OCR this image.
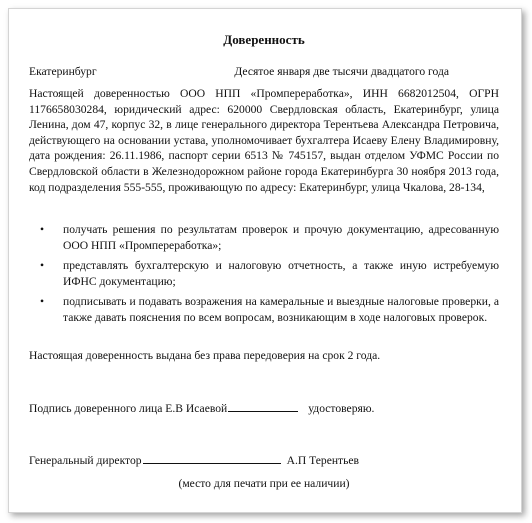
Доверенность
Екатеринбург	Десятое января две тысячи двадцатого года
Настоящей доверенностью ООО НПП «Промпереработка», ИНН 6682012504, ОГРН 1176658030284, юридический адрес: 620000 Свердловская область, Екатеринбург, улица Ленина, дом 47, корпус 32, в лице генерального директора Терентьева Александра Петровича, действующего на основании устава, уполномочивает бухгалтера Исаеву Елену Владимировну, дата рождения: 26.11.1986, паспорт серии 6513 № 745157, выдан отделом УФМС России по Свердловской области в Железнодорожном районе города Екатеринбурга 30 ноября 2013 года, код подразделения 555-555, проживающую по адресу: Екатеринбург, улица Чкалова, 28-134,
• получать решения по результатам проверок и прочую документацию, адресованную ООО НПП «Промпереработка»;
• представлять бухгалтерскую и налоговую отчетность, а также иную истребуемую ИФНС документацию;
• подписывать и подавать возражения на камеральные и выездные налоговые проверки, а также давать пояснения по всем вопросам, возникающим в ходе налоговых проверок.
Настоящая доверенность выдана без права передоверия на срок 2 года.
Подпись доверенного лица Е.В Исаевой	удостоверяю.
Генеральный директор	А.П Терентьев
(место для печати при ее наличии)
